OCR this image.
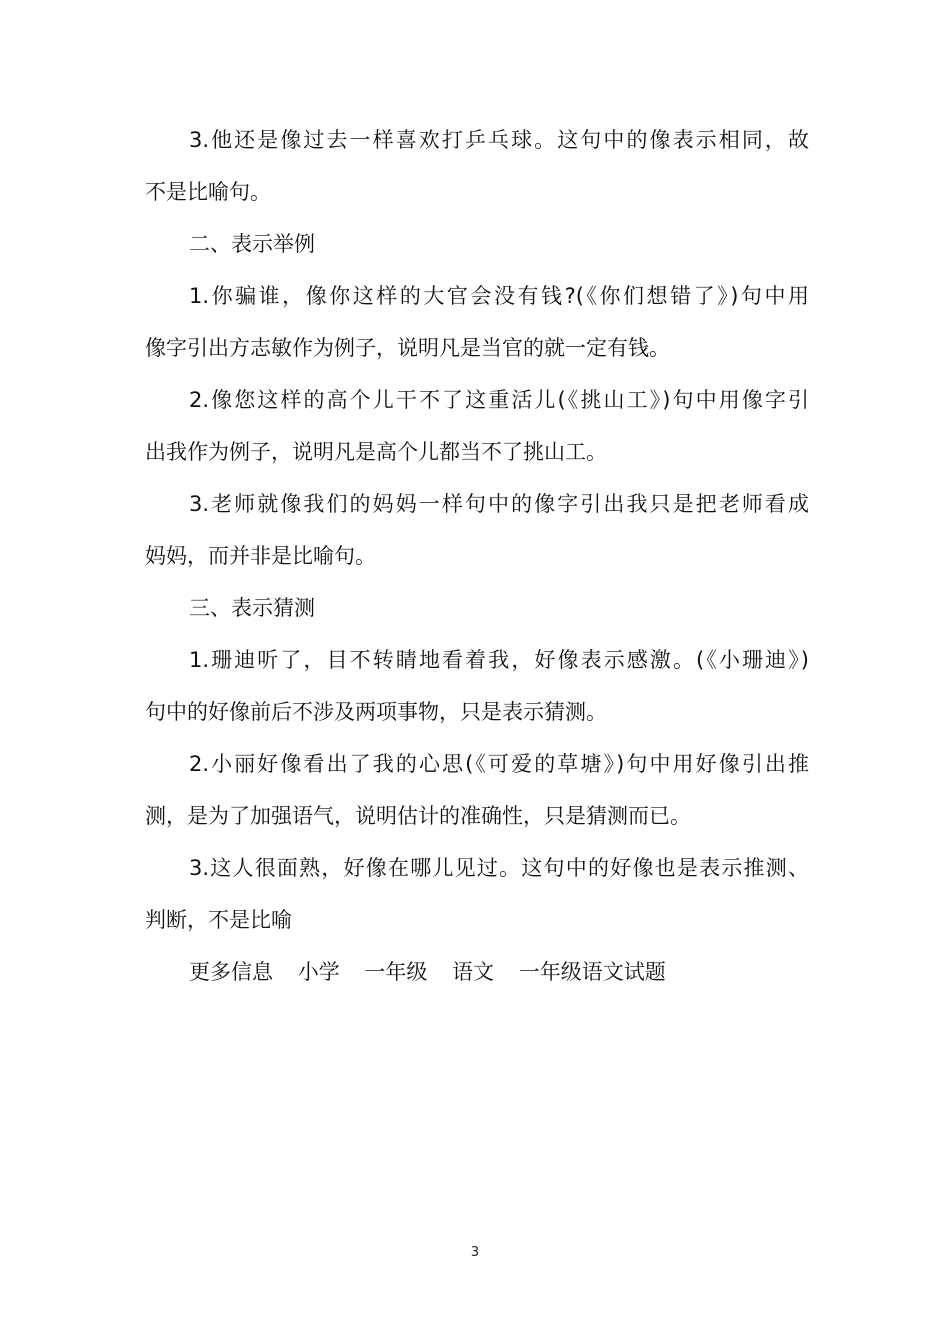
3.他还是像过去一样喜欢打乒乓球。这句中的像表示相同，故
不是比喻句。
二、表示举例
1.你骗谁，像你这样的大官会没有钱?(《你们想错了》)句中用
像字引出方志敏作为例子，说明凡是当官的就一定有钱。
2.像您这样的高个儿干不了这重活儿(《挑山工》)句中用像字引
出我作为例子，说明凡是高个儿都当不了挑山工。
3.老师就像我们的妈妈一样句中的像字引出我只是把老师看成
妈妈，而并非是比喻句。
三、表示猜测
1.珊迪听了，目不转睛地看着我，好像表示感激。(《小珊迪》)
句中的好像前后不涉及两项事物，只是表示猜测。
2.小丽好像看出了我的心思(《可爱的草塘》)句中用好像引出推
测，是为了加强语气，说明估计的准确性，只是猜测而已。
3.这人很面熟，好像在哪儿见过。这句中的好像也是表示推测、
判断，不是比喻
更多信息 小学 一年级 语文 一年级语文试题
3
